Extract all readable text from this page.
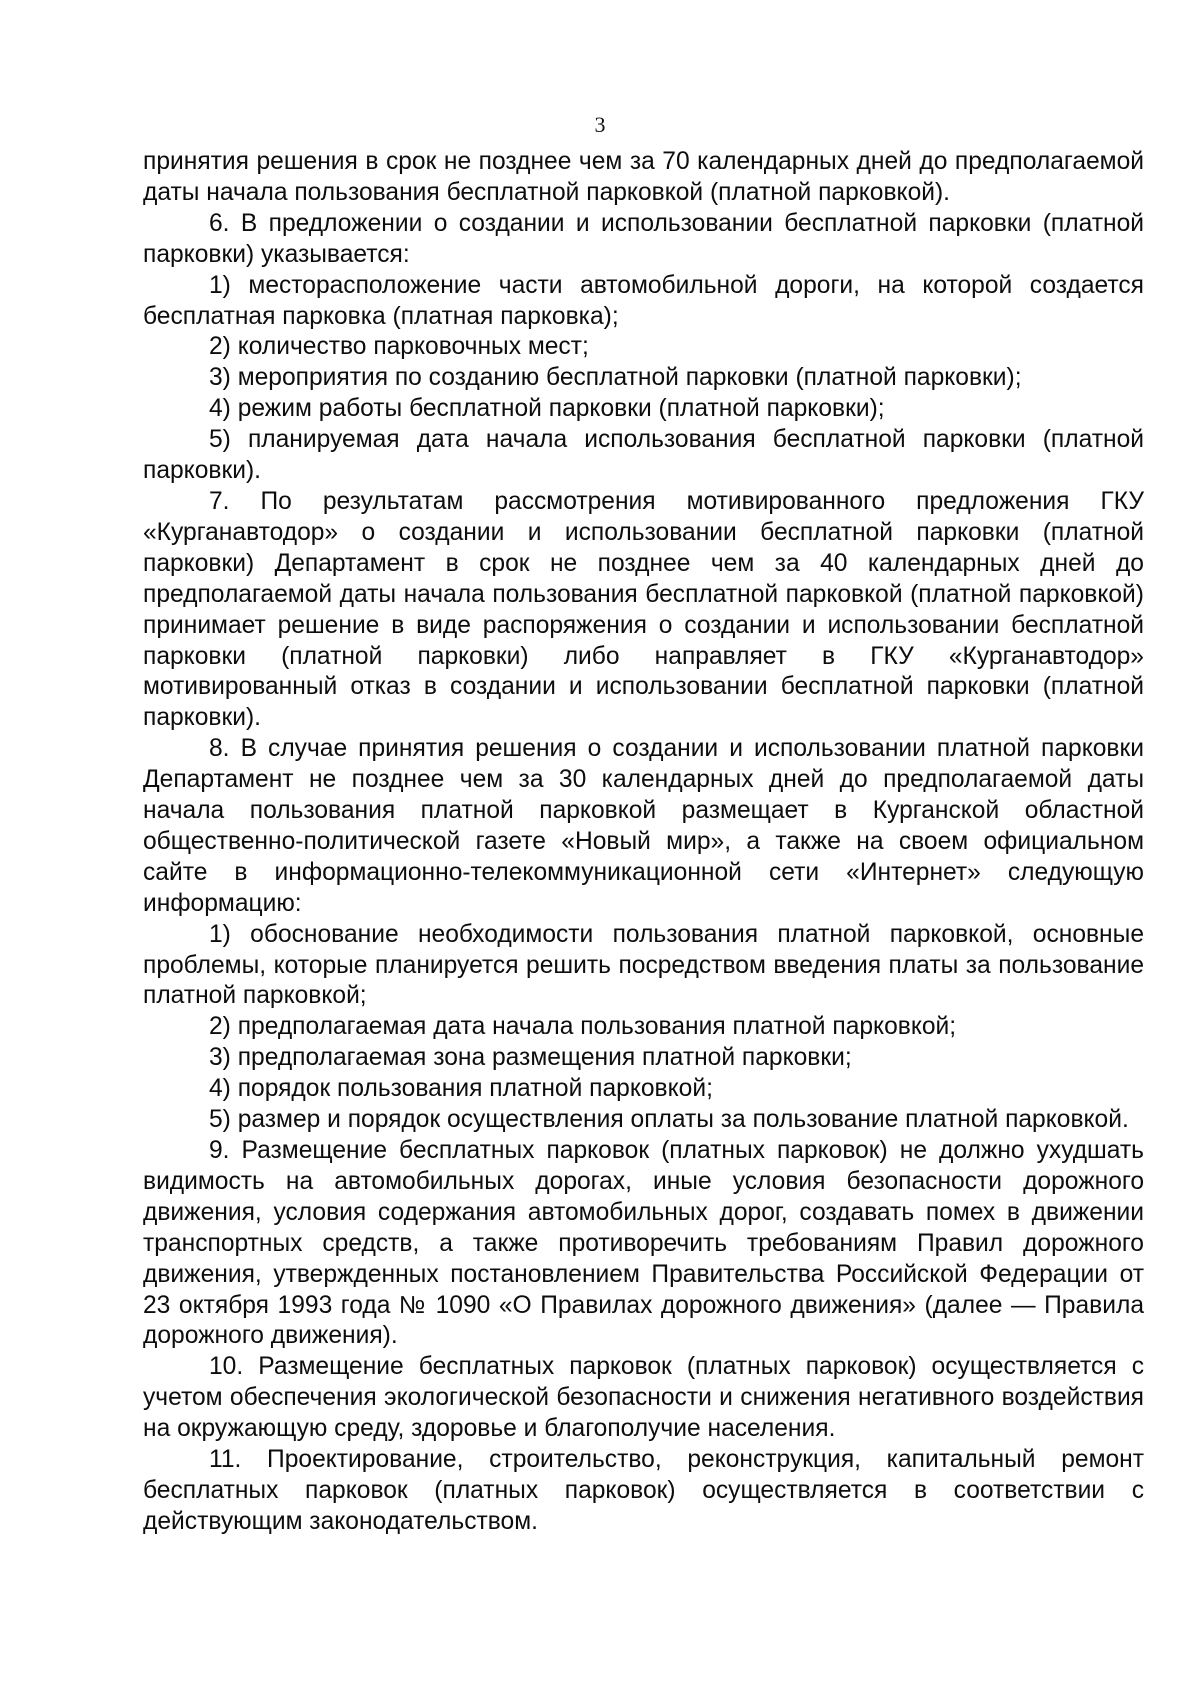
3

принятия решения в срок не позднее чем за 70 календарных дней до предполагаемой даты начала пользования бесплатной парковкой (платной парковкой).

6. В предложении о создании и использовании бесплатной парковки (платной парковки) указывается:

1) месторасположение части автомобильной дороги, на которой создается бесплатная парковка (платная парковка);

2) количество парковочных мест;

3) мероприятия по созданию бесплатной парковки (платной парковки);

4) режим работы бесплатной парковки (платной парковки);

5) планируемая дата начала использования бесплатной парковки (платной парковки).

7. По результатам рассмотрения мотивированного предложения ГКУ «Курганавтодор» о создании и использовании бесплатной парковки (платной парковки) Департамент в срок не позднее чем за 40 календарных дней до предполагаемой даты начала пользования бесплатной парковкой (платной парковкой) принимает решение в виде распоряжения о создании и использовании бесплатной парковки (платной парковки) либо направляет в ГКУ «Курганавтодор» мотивированный отказ в создании и использовании бесплатной парковки (платной парковки).

8. В случае принятия решения о создании и использовании платной парковки Департамент не позднее чем за 30 календарных дней до предполагаемой даты начала пользования платной парковкой размещает в Курганской областной общественно-политической газете «Новый мир», а также на своем официальном сайте в информационно-телекоммуникационной сети «Интернет» следующую информацию:

1) обоснование необходимости пользования платной парковкой, основные проблемы, которые планируется решить посредством введения платы за пользование платной парковкой;

2) предполагаемая дата начала пользования платной парковкой;

3) предполагаемая зона размещения платной парковки;

4) порядок пользования платной парковкой;

5) размер и порядок осуществления оплаты за пользование платной парковкой.

9. Размещение бесплатных парковок (платных парковок) не должно ухудшать видимость на автомобильных дорогах, иные условия безопасности дорожного движения, условия содержания автомобильных дорог, создавать помех в движении транспортных средств, а также противоречить требованиям Правил дорожного движения, утвержденных постановлением Правительства Российской Федерации от 23 октября 1993 года № 1090 «О Правилах дорожного движения» (далее — Правила дорожного движения).

10. Размещение бесплатных парковок (платных парковок) осуществляется с учетом обеспечения экологической безопасности и снижения негативного воздействия на окружающую среду, здоровье и благополучие населения.

11. Проектирование, строительство, реконструкция, капитальный ремонт бесплатных парковок (платных парковок) осуществляется в соответствии с действующим законодательством.
